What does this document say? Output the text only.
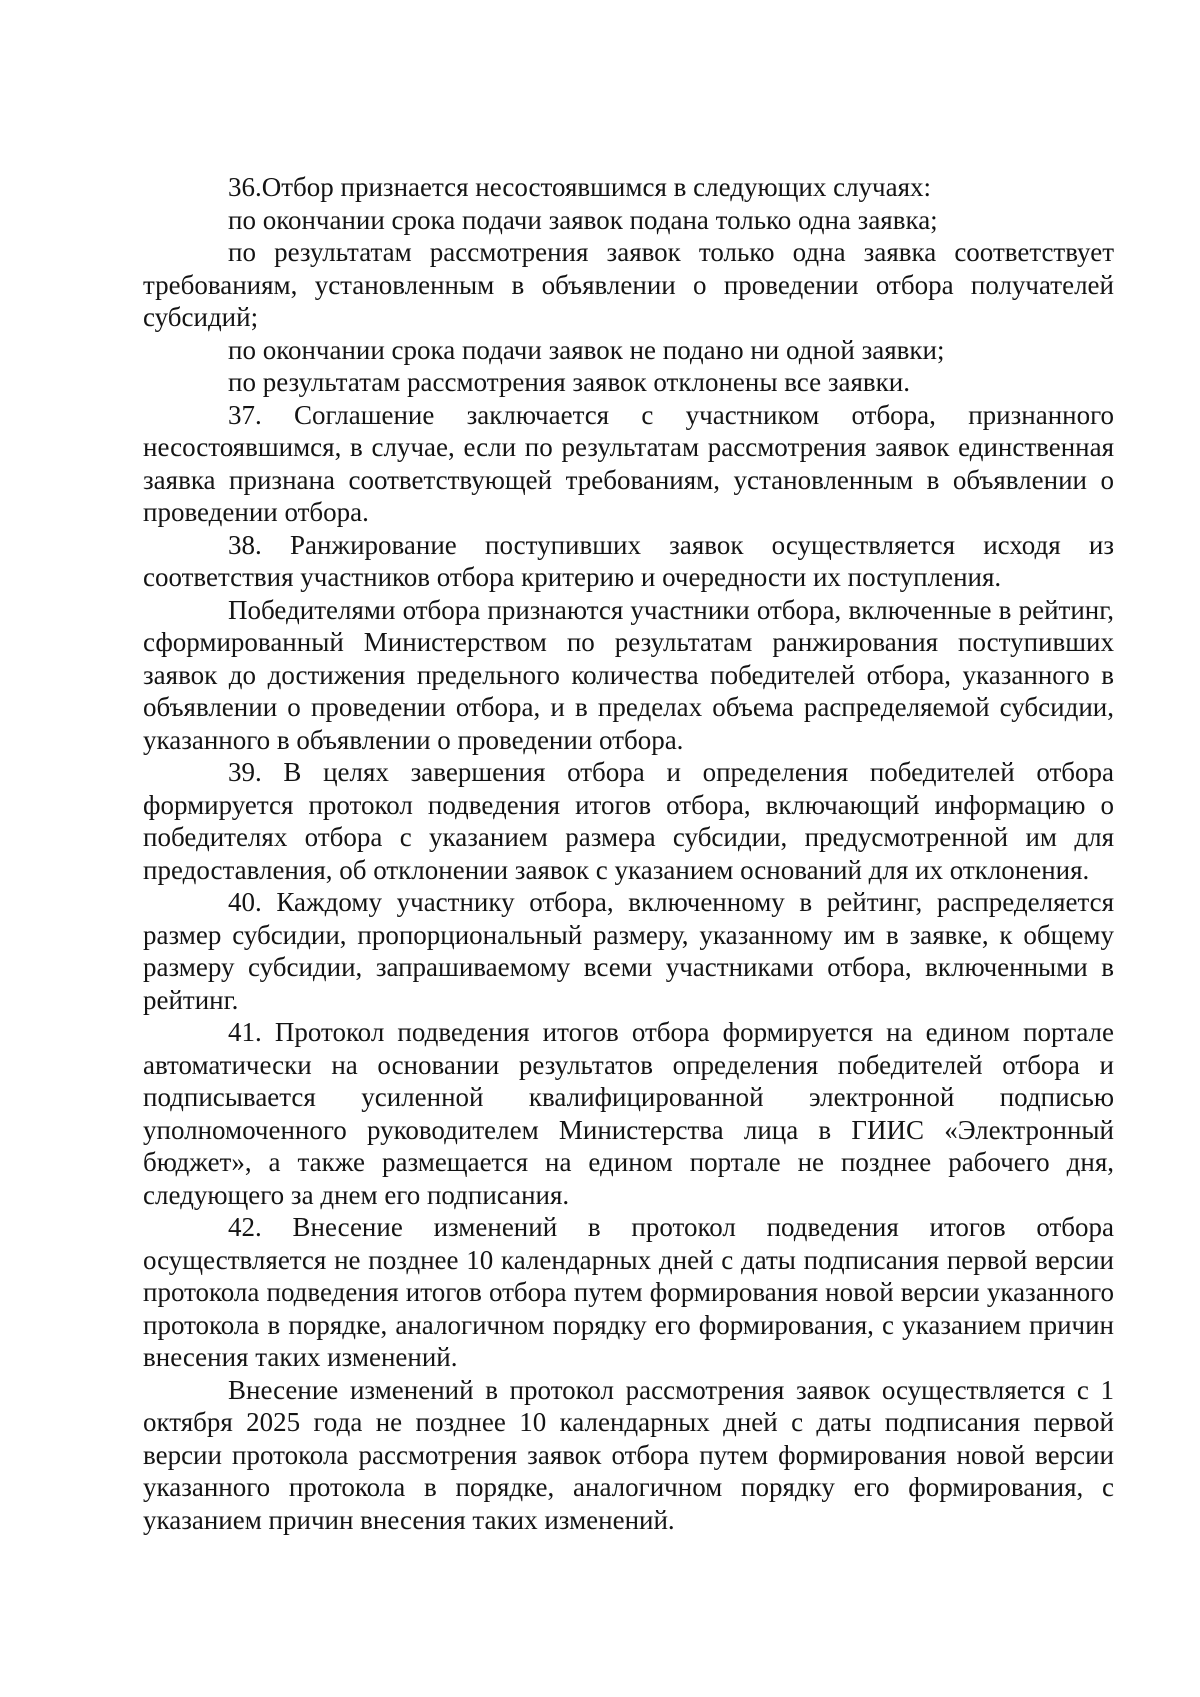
36.Отбор признается несостоявшимся в следующих случаях:

по окончании срока подачи заявок подана только одна заявка;

по результатам рассмотрения заявок только одна заявка соответствует требованиям, установленным в объявлении о проведении отбора получателей субсидий;

по окончании срока подачи заявок не подано ни одной заявки;

по результатам рассмотрения заявок отклонены все заявки.

37. Соглашение заключается с участником отбора, признанного несостоявшимся, в случае, если по результатам рассмотрения заявок единственная заявка признана соответствующей требованиям, установленным в объявлении о проведении отбора.

38. Ранжирование поступивших заявок осуществляется исходя из соответствия участников отбора критерию и очередности их поступления.

Победителями отбора признаются участники отбора, включенные в рейтинг, сформированный Министерством по результатам ранжирования поступивших заявок до достижения предельного количества победителей отбора, указанного в объявлении о проведении отбора, и в пределах объема распределяемой субсидии, указанного в объявлении о проведении отбора.

39. В целях завершения отбора и определения победителей отбора формируется протокол подведения итогов отбора, включающий информацию о победителях отбора с указанием размера субсидии, предусмотренной им для предоставления, об отклонении заявок с указанием оснований для их отклонения.

40. Каждому участнику отбора, включенному в рейтинг, распределяется размер субсидии, пропорциональный размеру, указанному им в заявке, к общему размеру субсидии, запрашиваемому всеми участниками отбора, включенными в рейтинг.

41. Протокол подведения итогов отбора формируется на едином портале автоматически на основании результатов определения победителей отбора и подписывается усиленной квалифицированной электронной подписью уполномоченного руководителем Министерства лица в ГИИС «Электронный бюджет», а также размещается на едином портале не позднее рабочего дня, следующего за днем его подписания.

42. Внесение изменений в протокол подведения итогов отбора осуществляется не позднее 10 календарных дней с даты подписания первой версии протокола подведения итогов отбора путем формирования новой версии указанного протокола в порядке, аналогичном порядку его формирования, с указанием причин внесения таких изменений.

Внесение изменений в протокол рассмотрения заявок осуществляется с 1 октября 2025 года не позднее 10 календарных дней с даты подписания первой версии протокола рассмотрения заявок отбора путем формирования новой версии указанного протокола в порядке, аналогичном порядку его формирования, с указанием причин внесения таких изменений.
